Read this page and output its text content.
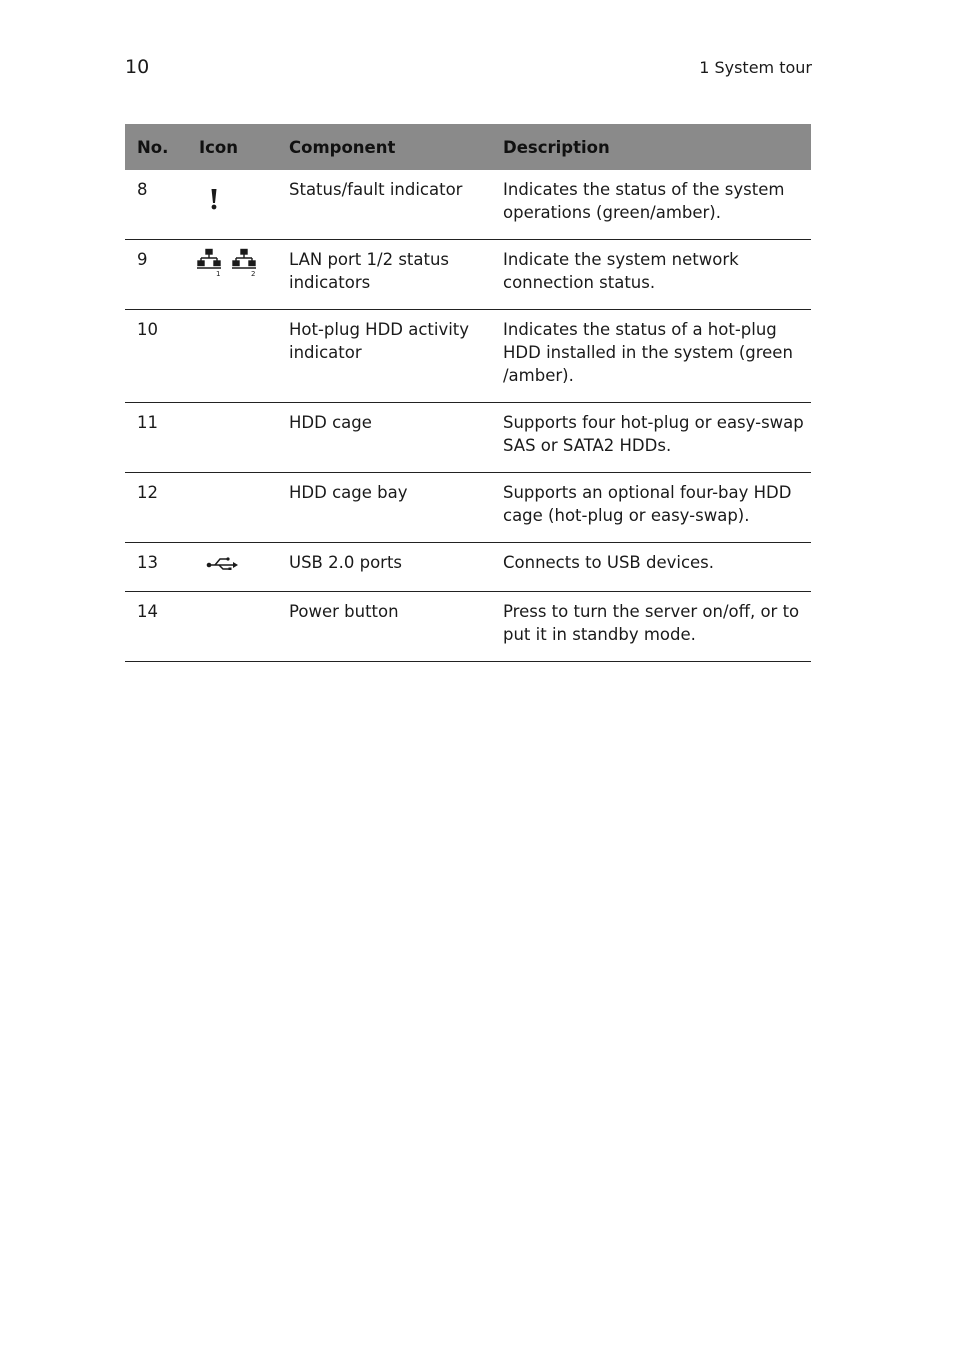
10	1 System tour
No.	Icon	Component	Description
8		Status/fault indicator	Indicates the status of the system operations (green/amber).
9	1 2	LAN port 1/2 status indicators	Indicate the system network connection status.
10		Hot-plug HDD activity indicator	Indicates the status of a hot-plug HDD installed in the system (green /amber).
11		HDD cage	Supports four hot-plug or easy-swap SAS or SATA2 HDDs.
12		HDD cage bay	Supports an optional four-bay HDD cage (hot-plug or easy-swap).
13		USB 2.0 ports	Connects to USB devices.
14		Power button	Press to turn the server on/off, or to put it in standby mode.
